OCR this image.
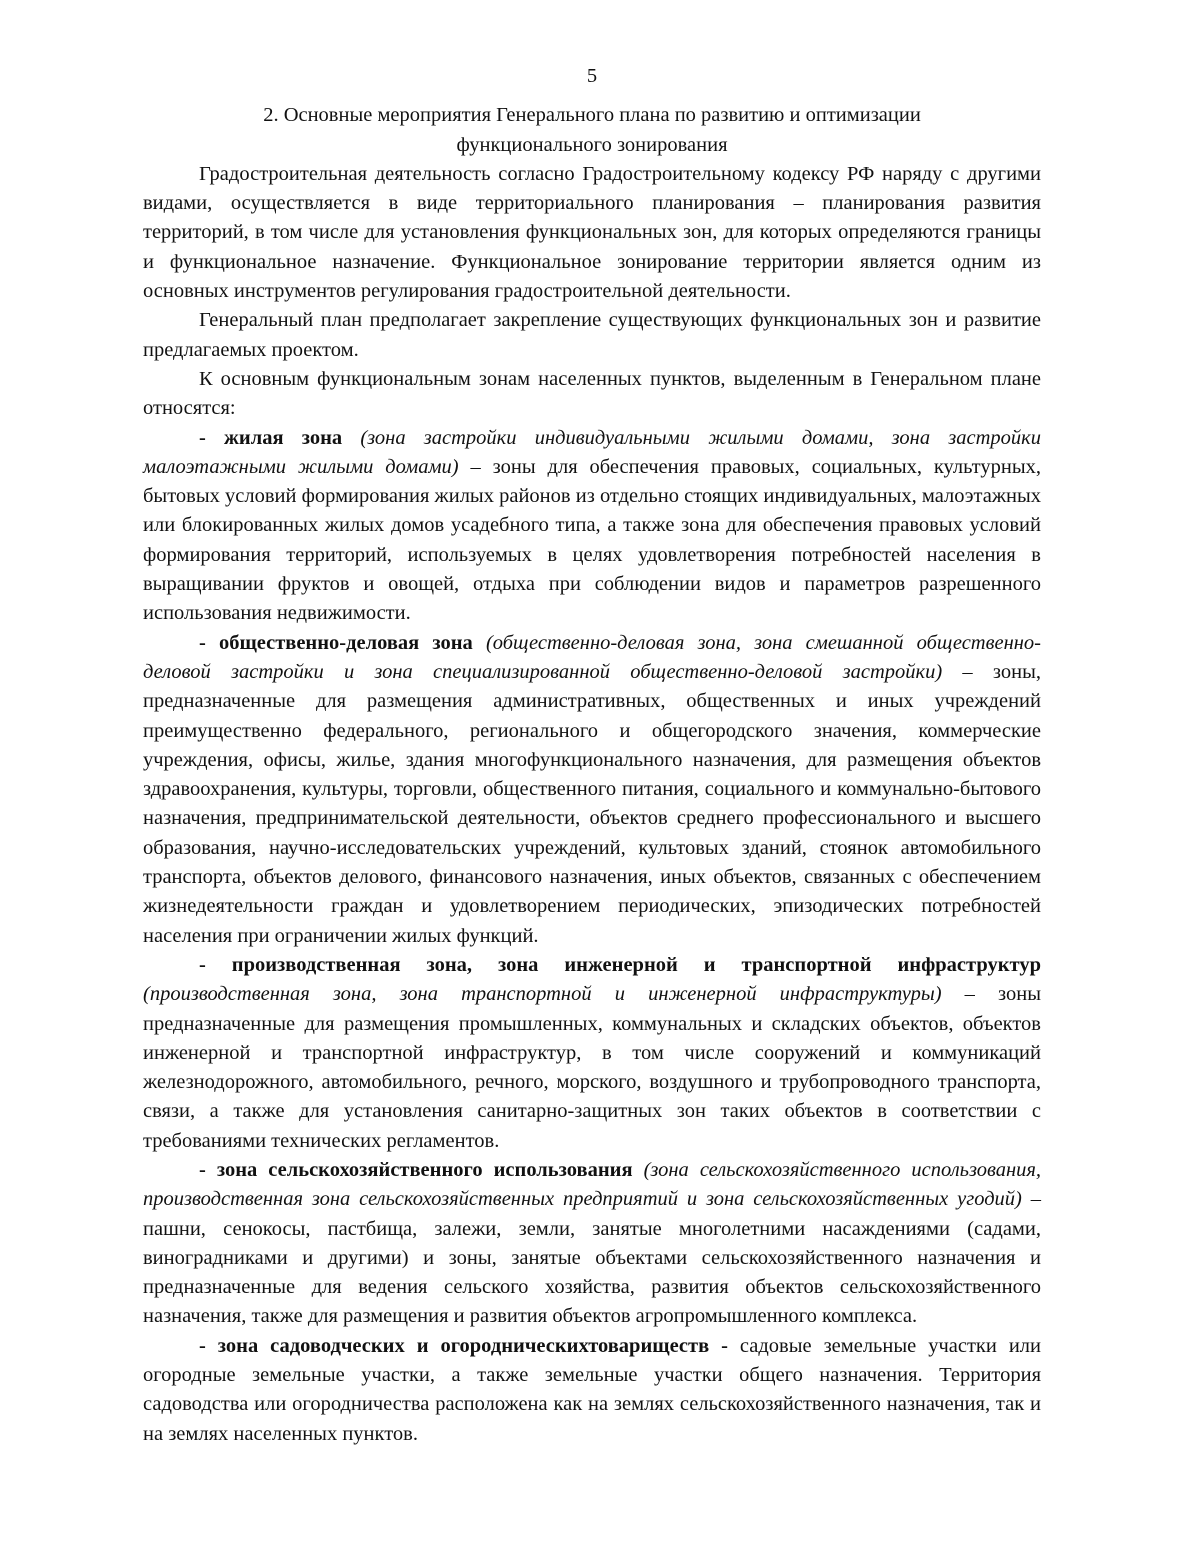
5
2. Основные мероприятия Генерального плана по развитию и оптимизации
функционального зонирования

Градостроительная деятельность согласно Градостроительному кодексу РФ наряду с другими видами, осуществляется в виде территориального планирования – планирования развития территорий, в том числе для установления функциональных зон, для которых определяются границы и функциональное назначение. Функциональное зонирование территории является одним из основных инструментов регулирования градостроительной деятельности.

Генеральный план предполагает закрепление существующих функциональных зон и развитие предлагаемых проектом.

К основным функциональным зонам населенных пунктов, выделенным в Генеральном плане относятся:

- жилая зона (зона застройки индивидуальными жилыми домами, зона застройки малоэтажными жилыми домами) – зоны для обеспечения правовых, социальных, культурных, бытовых условий формирования жилых районов из отдельно стоящих индивидуальных, малоэтажных или блокированных жилых домов усадебного типа, а также зона для обеспечения правовых условий формирования территорий, используемых в целях удовлетворения потребностей населения в выращивании фруктов и овощей, отдыха при соблюдении видов и параметров разрешенного использования недвижимости.

- общественно-деловая зона (общественно-деловая зона, зона смешанной общественно-деловой застройки и зона специализированной общественно-деловой застройки) – зоны, предназначенные для размещения административных, общественных и иных учреждений преимущественно федерального, регионального и общегородского значения, коммерческие учреждения, офисы, жилье, здания многофункционального назначения, для размещения объектов здравоохранения, культуры, торговли, общественного питания, социального и коммунально-бытового назначения, предпринимательской деятельности, объектов среднего профессионального и высшего образования, научно-исследовательских учреждений, культовых зданий, стоянок автомобильного транспорта, объектов делового, финансового назначения, иных объектов, связанных с обеспечением жизнедеятельности граждан и удовлетворением периодических, эпизодических потребностей населения при ограничении жилых функций.

- производственная зона, зона инженерной и транспортной инфраструктур (производственная зона, зона транспортной и инженерной инфраструктуры) – зоны предназначенные для размещения промышленных, коммунальных и складских объектов, объектов инженерной и транспортной инфраструктур, в том числе сооружений и коммуникаций железнодорожного, автомобильного, речного, морского, воздушного и трубопроводного транспорта, связи, а также для установления санитарно-защитных зон таких объектов в соответствии с требованиями технических регламентов.

- зона сельскохозяйственного использования (зона сельскохозяйственного использования, производственная зона сельскохозяйственных предприятий и зона сельскохозяйственных угодий) – пашни, сенокосы, пастбища, залежи, земли, занятые многолетними насаждениями (садами, виноградниками и другими) и зоны, занятые объектами сельскохозяйственного назначения и предназначенные для ведения сельского хозяйства, развития объектов сельскохозяйственного назначения, также для размещения и развития объектов агропромышленного комплекса.

- зона садоводческих и огородническихтовариществ - садовые земельные участки или огородные земельные участки, а также земельные участки общего назначения. Территория садоводства или огородничества расположена как на землях сельскохозяйственного назначения, так и на землях населенных пунктов.
